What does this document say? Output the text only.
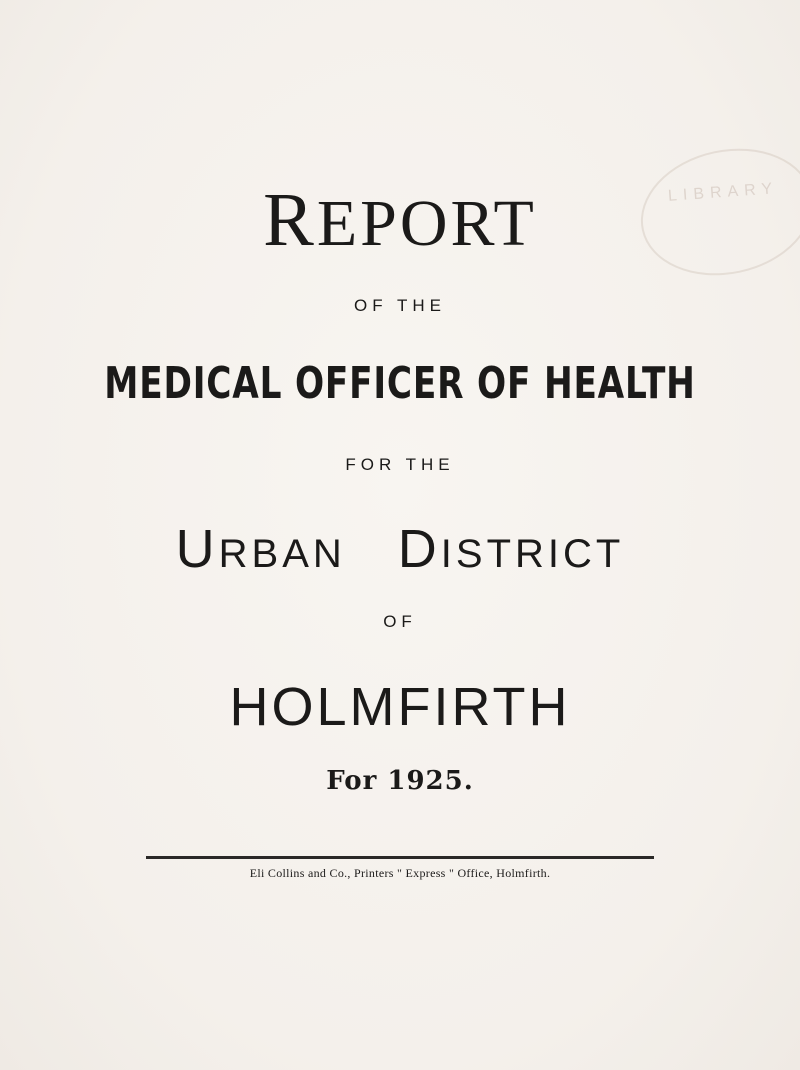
LIBRARY
REPORT
OF THE
MEDICAL OFFICER OF HEALTH
FOR THE
URBAN DISTRICT
OF
HOLMFIRTH
For 1925.
Eli Collins and Co., Printers " Express " Office, Holmfirth.
